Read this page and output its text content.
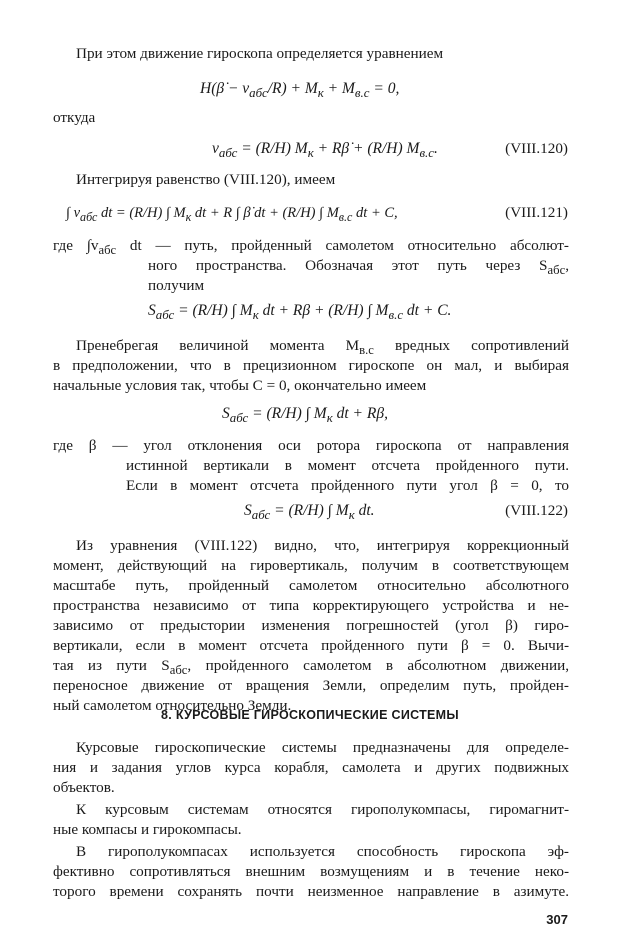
При этом движение гироскопа определяется уравнением
H(β̇ − $v_{абс}/R) + M_к + M_{в.с} = 0$,
откуда
$v_{абс} = (R/H) M_к$ + Rβ̇ + (R/H) $M_{в.с}$.	(VIII.120)
Интегрируя равенство (VIII.120), имеем
∫ $v_{абс}$ dt = (R/H) ∫ $M_к$ dt + R ∫ β̇ dt + (R/H) ∫ $M_{в.с}$ dt + C,	(VIII.121)
где $\int v_{абс}$ dt — путь, пройденный самолетом относительно абсолют-
ного пространства. Обозначая этот путь через $S_{абс}$,
получим
$S_{абс} = (R/H)$ ∫ $M_к$ dt + Rβ + (R/H) ∫ $M_{в.с}$ dt + C.
Пренебрегая величиной момента $M_{в.с}$ вредных сопротивлений
в предположении, что в прецизионном гироскопе он мал, и выбирая
начальные условия так, чтобы C = 0, окончательно имеем
$S_{абс} = (R/H)$ ∫ $M_к$ dt + Rβ,
где β — угол отклонения оси ротора гироскопа от направления
истинной вертикали в момент отсчета пройденного пути.
Если в момент отсчета пройденного пути угол β = 0, то
$S_{абс} = (R/H)$ ∫ $M_к$ dt.	(VIII.122)
Из уравнения (VIII.122) видно, что, интегрируя коррекционный
момент, действующий на гировертикаль, получим в соответствующем
масштабе путь, пройденный самолетом относительно абсолютного
пространства независимо от типа корректирующего устройства и не-
зависимо от предыстории изменения погрешностей (угол β) гиро-
вертикали, если в момент отсчета пройденного пути β = 0. Вычи-
тая из пути $S_{абс}$, пройденного самолетом в абсолютном движении,
переносное движение от вращения Земли, определим путь, пройден-
ный самолетом относительно Земли.
8. КУРСОВЫЕ ГИРОСКОПИЧЕСКИЕ СИСТЕМЫ
Курсовые гироскопические системы предназначены для определе-
ния и задания углов курса корабля, самолета и других подвижных
объектов.
К курсовым системам относятся гирополукомпасы, гиромагнит-
ные компасы и гирокомпасы.
В гирополукомпасах используется способность гироскопа эф-
фективно сопротивляться внешним возмущениям и в течение неко-
торого времени сохранять почти неизменное направление в азимуте.
307
